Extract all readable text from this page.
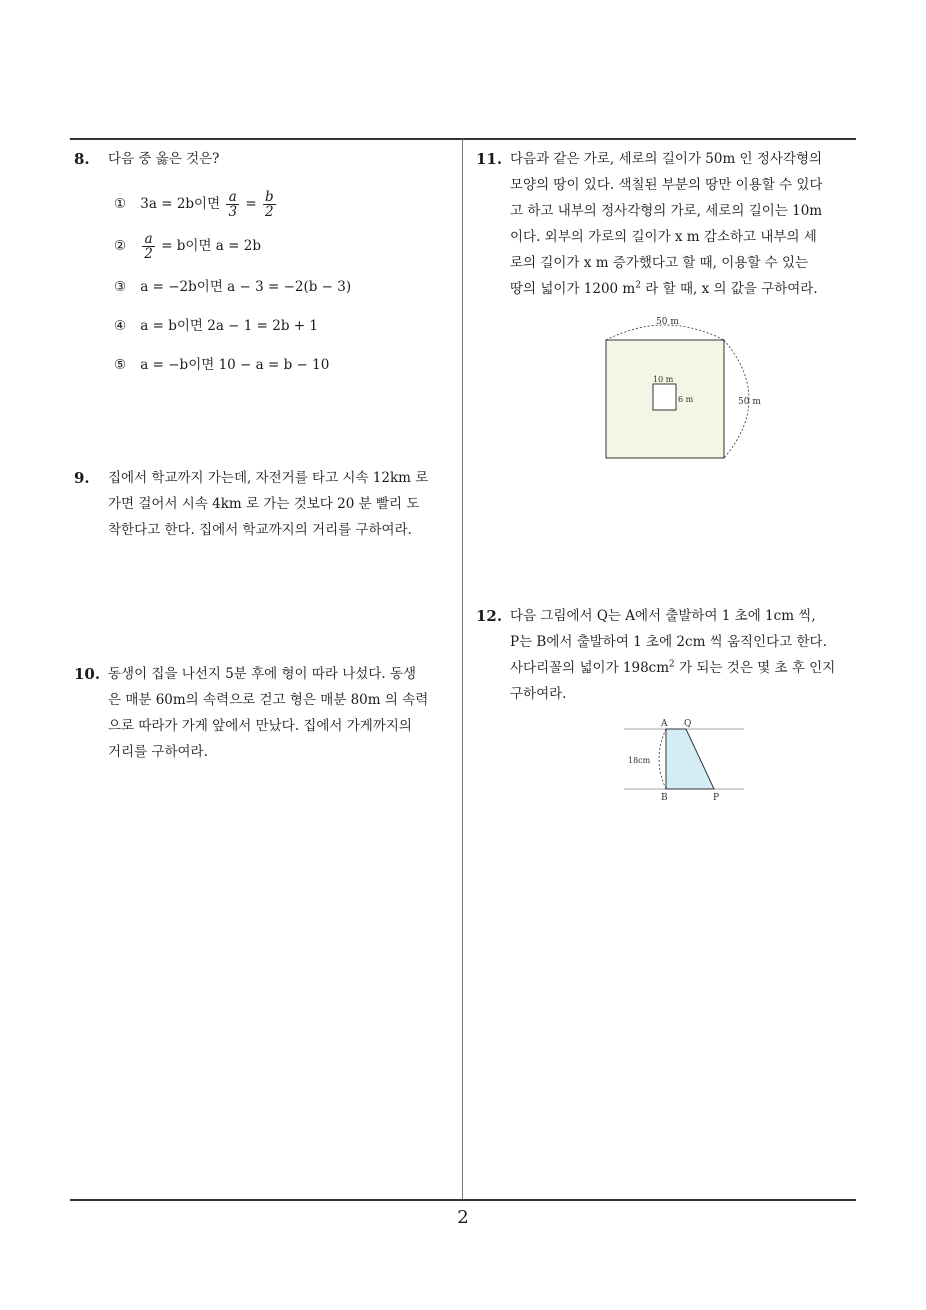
8. 다음 중 옳은 것은?
① 3a = 2b이면 $\frac{a}{3} = \frac{b}{2}$
② $\frac{a}{2} = b$이면 a = 2b
③ a = −2b이면 a − 3 = −2(b − 3)
④ a = b이면 2a − 1 = 2b + 1
⑤ a = −b이면 10 − a = b − 10
9. 집에서 학교까지 가는데, 자전거를 타고 시속 12km 로
가면 걸어서 시속 4km 로 가는 것보다 20 분 빨리 도
착한다고 한다. 집에서 학교까지의 거리를 구하여라.
10. 동생이 집을 나선지 5분 후에 형이 따라 나섰다. 동생
은 매분 60m의 속력으로 걷고 형은 매분 80m 의 속력
으로 따라가 가게 앞에서 만났다. 집에서 가게까지의
거리를 구하여라.
11. 다음과 같은 가로, 세로의 길이가 50m 인 정사각형의
모양의 땅이 있다. 색칠된 부분의 땅만 이용할 수 있다
고 하고 내부의 정사각형의 가로, 세로의 길이는 10m
이다. 외부의 가로의 길이가 x m 감소하고 내부의 세
로의 길이가 x m 증가했다고 할 때, 이용할 수 있는
땅의 넓이가 1200 $m^2$ 라 할 때, x 의 값을 구하여라.
50 m
50 m
10 m
6 m
12. 다음 그림에서 Q는 A에서 출발하여 1 초에 1cm 씩,
P는 B에서 출발하여 1 초에 2cm 씩 움직인다고 한다.
사다리꼴의 넓이가 $198cm^2$ 가 되는 것은 몇 초 후 인지
구하여라.
A Q
B	P
18cm
2
